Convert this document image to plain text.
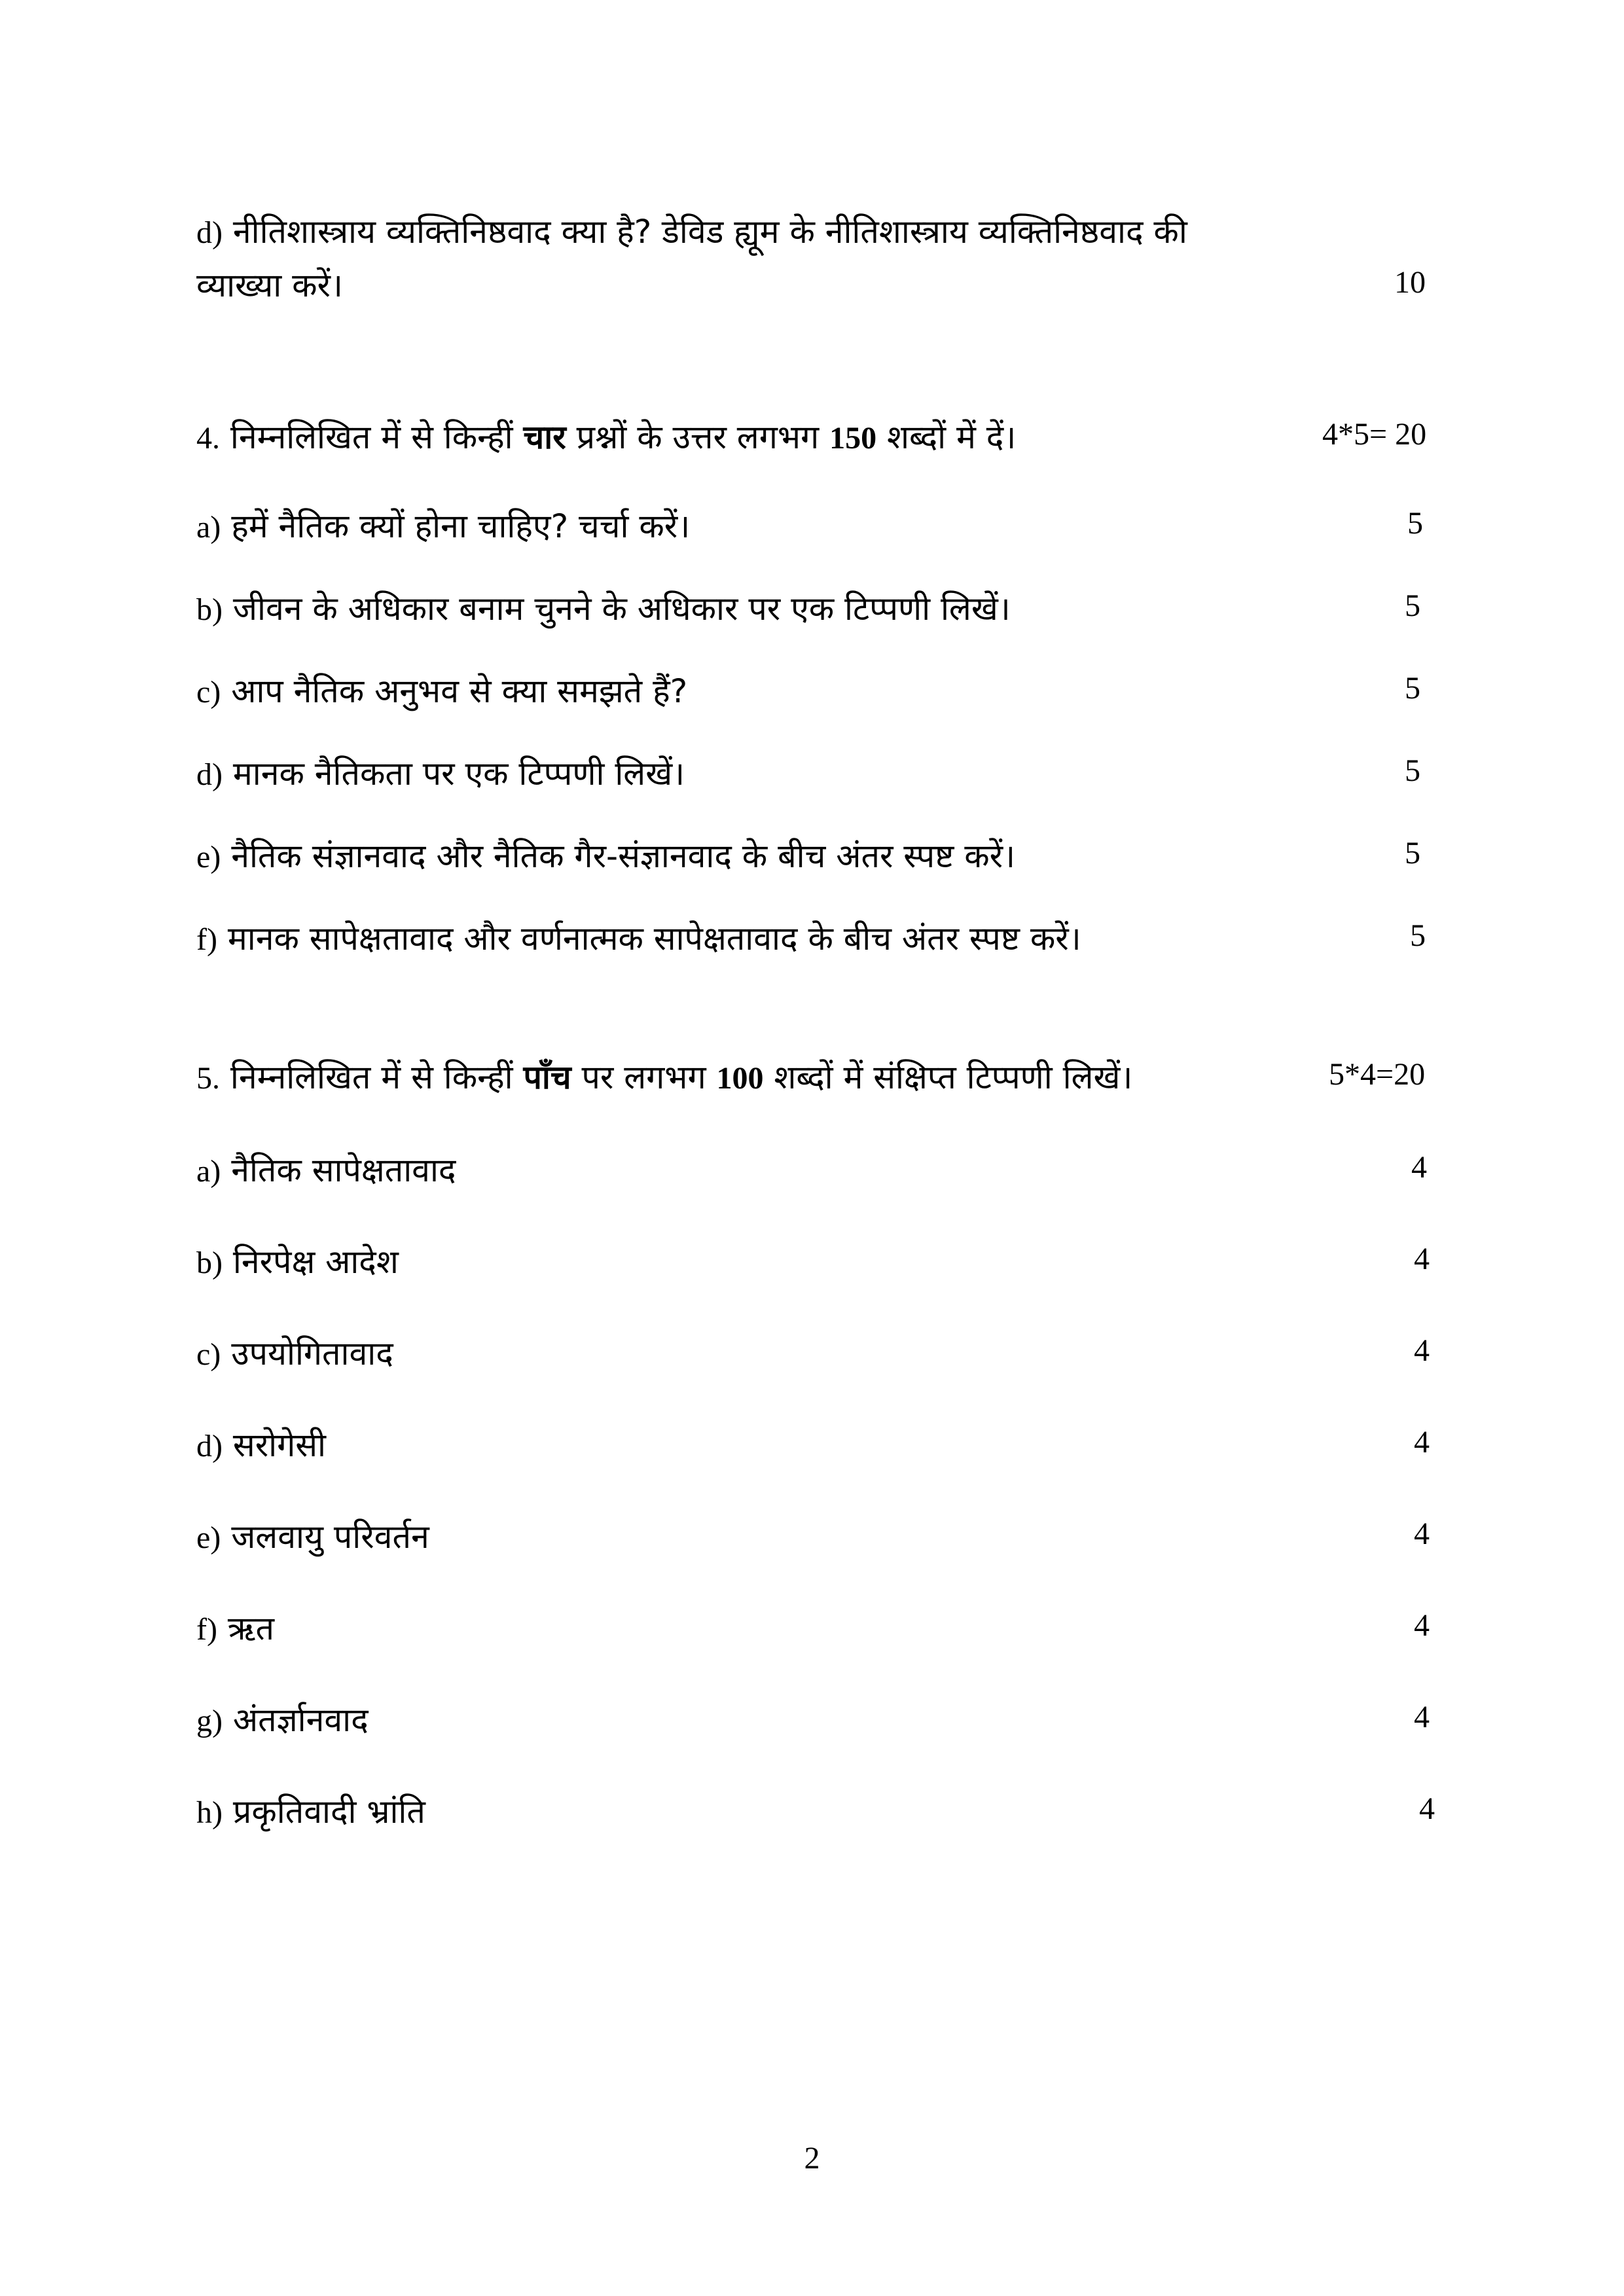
d) नीतिशास्त्राय व्यक्तिनिष्ठवाद क्या है? डेविड ह्यूम के नीतिशास्त्राय व्यक्तिनिष्ठवाद की
व्याख्या करें।	10
4. निम्नलिखित में से किन्हीं चार प्रश्नों के उत्तर लगभग 150 शब्दों में दें।	4*5= 20
a) हमें नैतिक क्यों होना चाहिए? चर्चा करें।	5
b) जीवन के अधिकार बनाम चुनने के अधिकार पर एक टिप्पणी लिखें।	5
c) आप नैतिक अनुभव से क्या समझते हैं?	5
d) मानक नैतिकता पर एक टिप्पणी लिखें।	5
e) नैतिक संज्ञानवाद और नैतिक गैर-संज्ञानवाद के बीच अंतर स्पष्ट करें।	5
f) मानक सापेक्षतावाद और वर्णनात्मक सापेक्षतावाद के बीच अंतर स्पष्ट करें।	5
5. निम्नलिखित में से किन्हीं पाँच पर लगभग 100 शब्दों में संक्षिप्त टिप्पणी लिखें।	5*4=20
a) नैतिक सापेक्षतावाद	4
b) निरपेक्ष आदेश	4
c) उपयोगितावाद	4
d) सरोगेसी	4
e) जलवायु परिवर्तन	4
f) ऋत	4
g) अंतर्ज्ञानवाद	4
h) प्रकृतिवादी भ्रांति	4
2
